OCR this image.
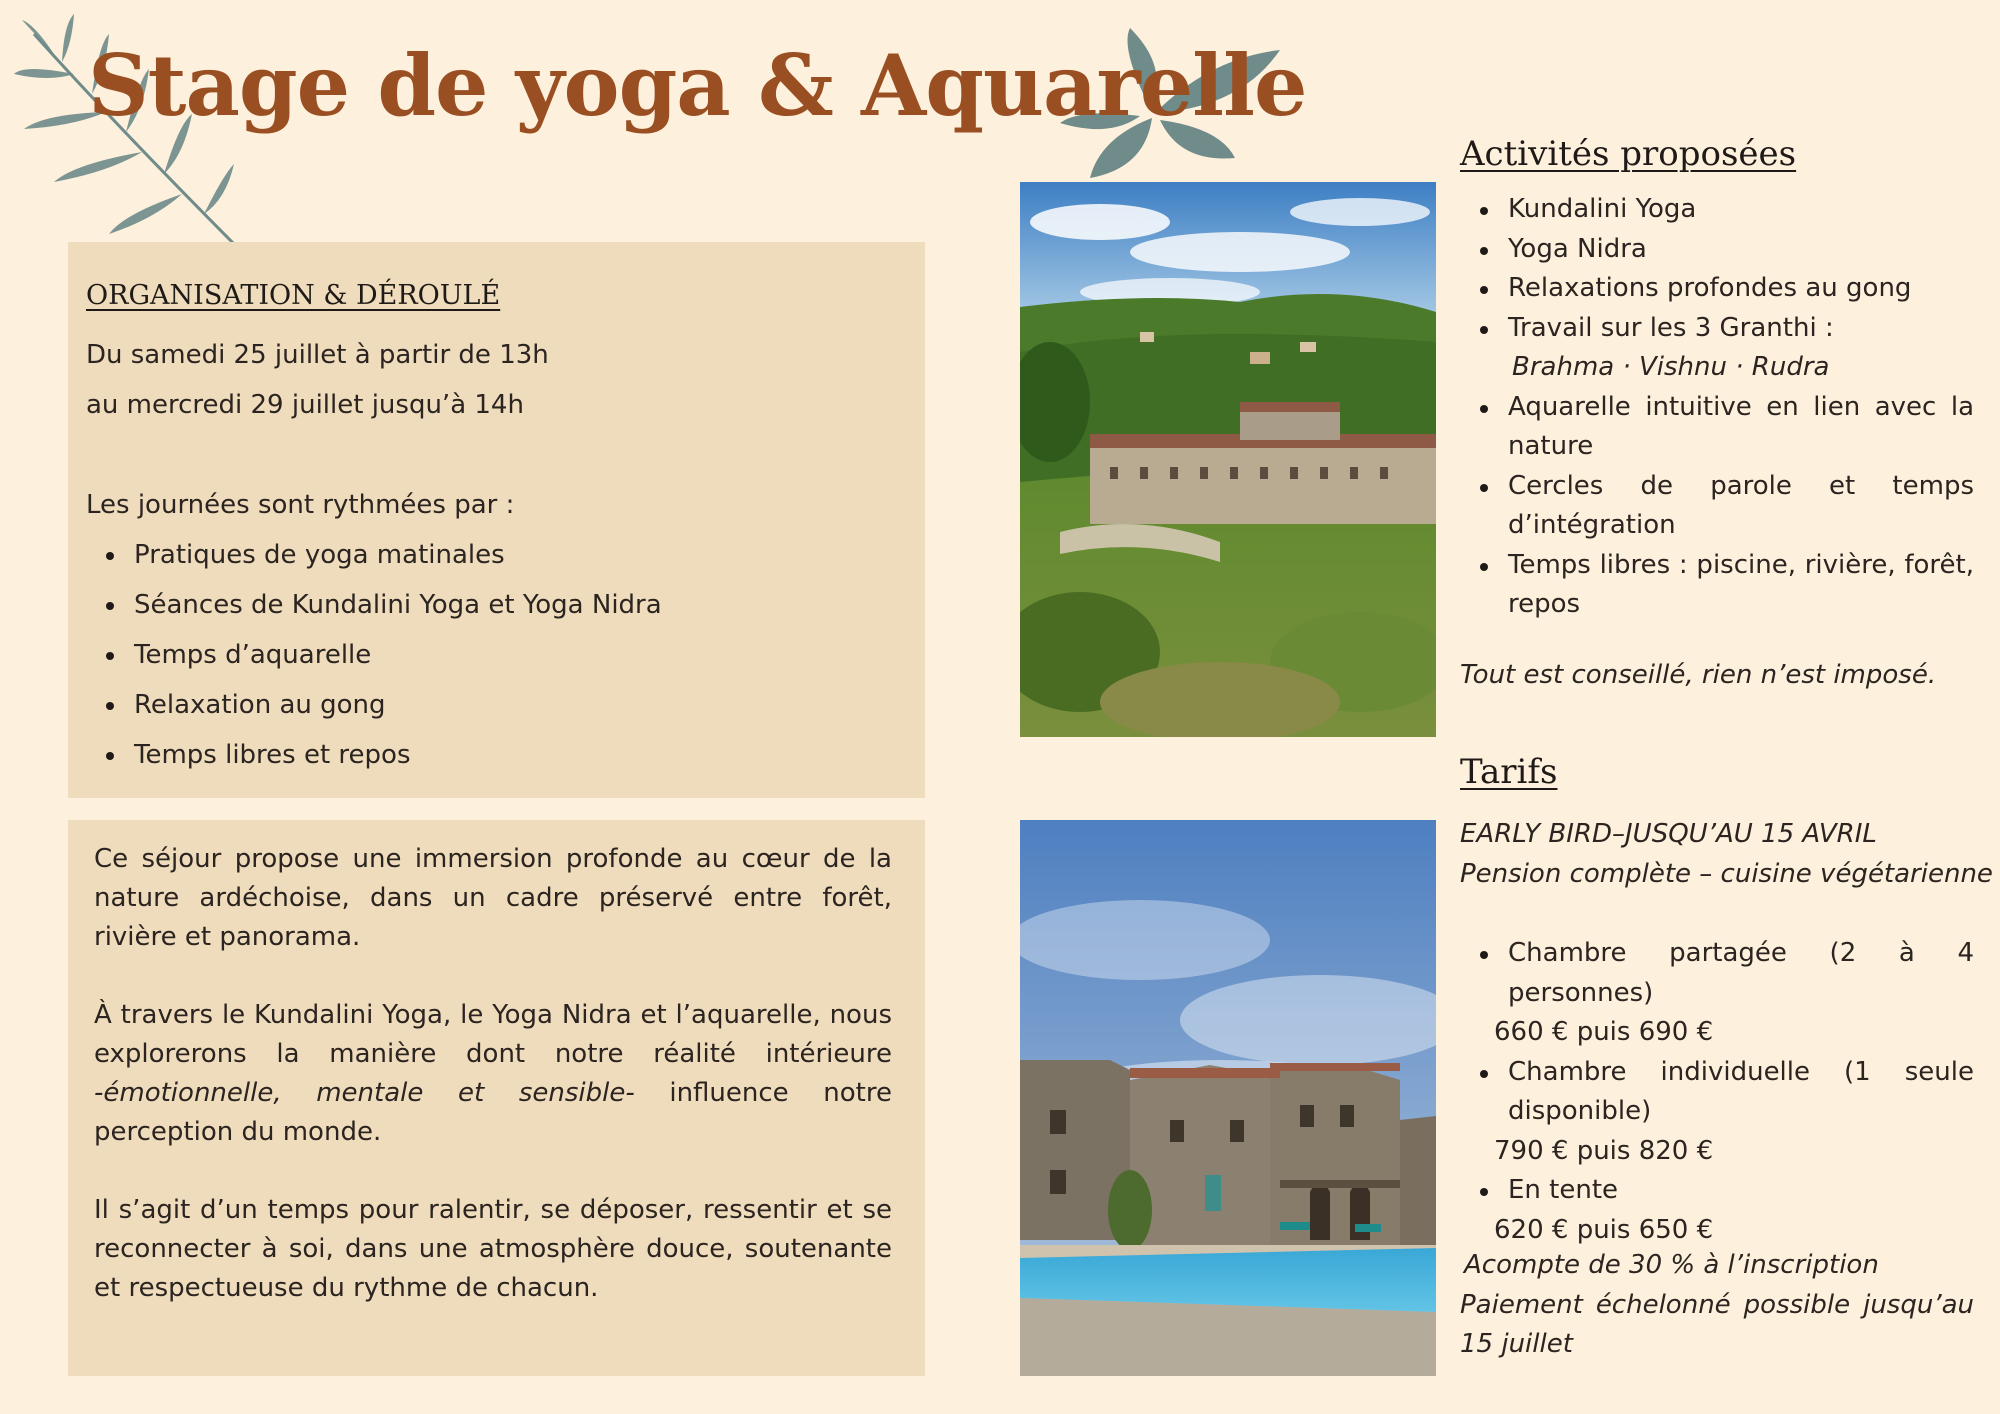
Stage de yoga & Aquarelle
ORGANISATION & DÉROULÉ
Du samedi 25 juillet à partir de 13h
au mercredi 29 juillet jusqu’à 14h
Les journées sont rythmées par :
Pratiques de yoga matinales
Séances de Kundalini Yoga et Yoga Nidra
Temps d’aquarelle
Relaxation au gong
Temps libres et repos

Ce séjour propose une immersion profonde au cœur de la nature ardéchoise, dans un cadre préservé entre forêt, rivière et panorama.

À travers le Kundalini Yoga, le Yoga Nidra et l’aquarelle, nous explorerons la manière dont notre réalité intérieure -émotionnelle, mentale et sensible- influence notre perception du monde.

Il s’agit d’un temps pour ralentir, se déposer, ressentir et se reconnecter à soi, dans une atmosphère douce, soutenante et respectueuse du rythme de chacun.

Activités proposées
Kundalini Yoga
Yoga Nidra
Relaxations profondes au gong
Travail sur les 3 Granthi :
Brahma · Vishnu · Rudra
Aquarelle intuitive en lien avec la nature
Cercles de parole et temps d’intégration
Temps libres : piscine, rivière, forêt, repos
Tout est conseillé, rien n’est imposé.
Tarifs
EARLY BIRD–JUSQU’AU 15 AVRIL
Pension complète – cuisine végétarienne
Chambre partagée (2 à 4 personnes)
660 € puis 690 €
Chambre individuelle (1 seule disponible)
790 € puis 820 €
En tente
620 € puis 650 €
Acompte de 30 % à l’inscription
Paiement échelonné possible jusqu’au 15 juillet
